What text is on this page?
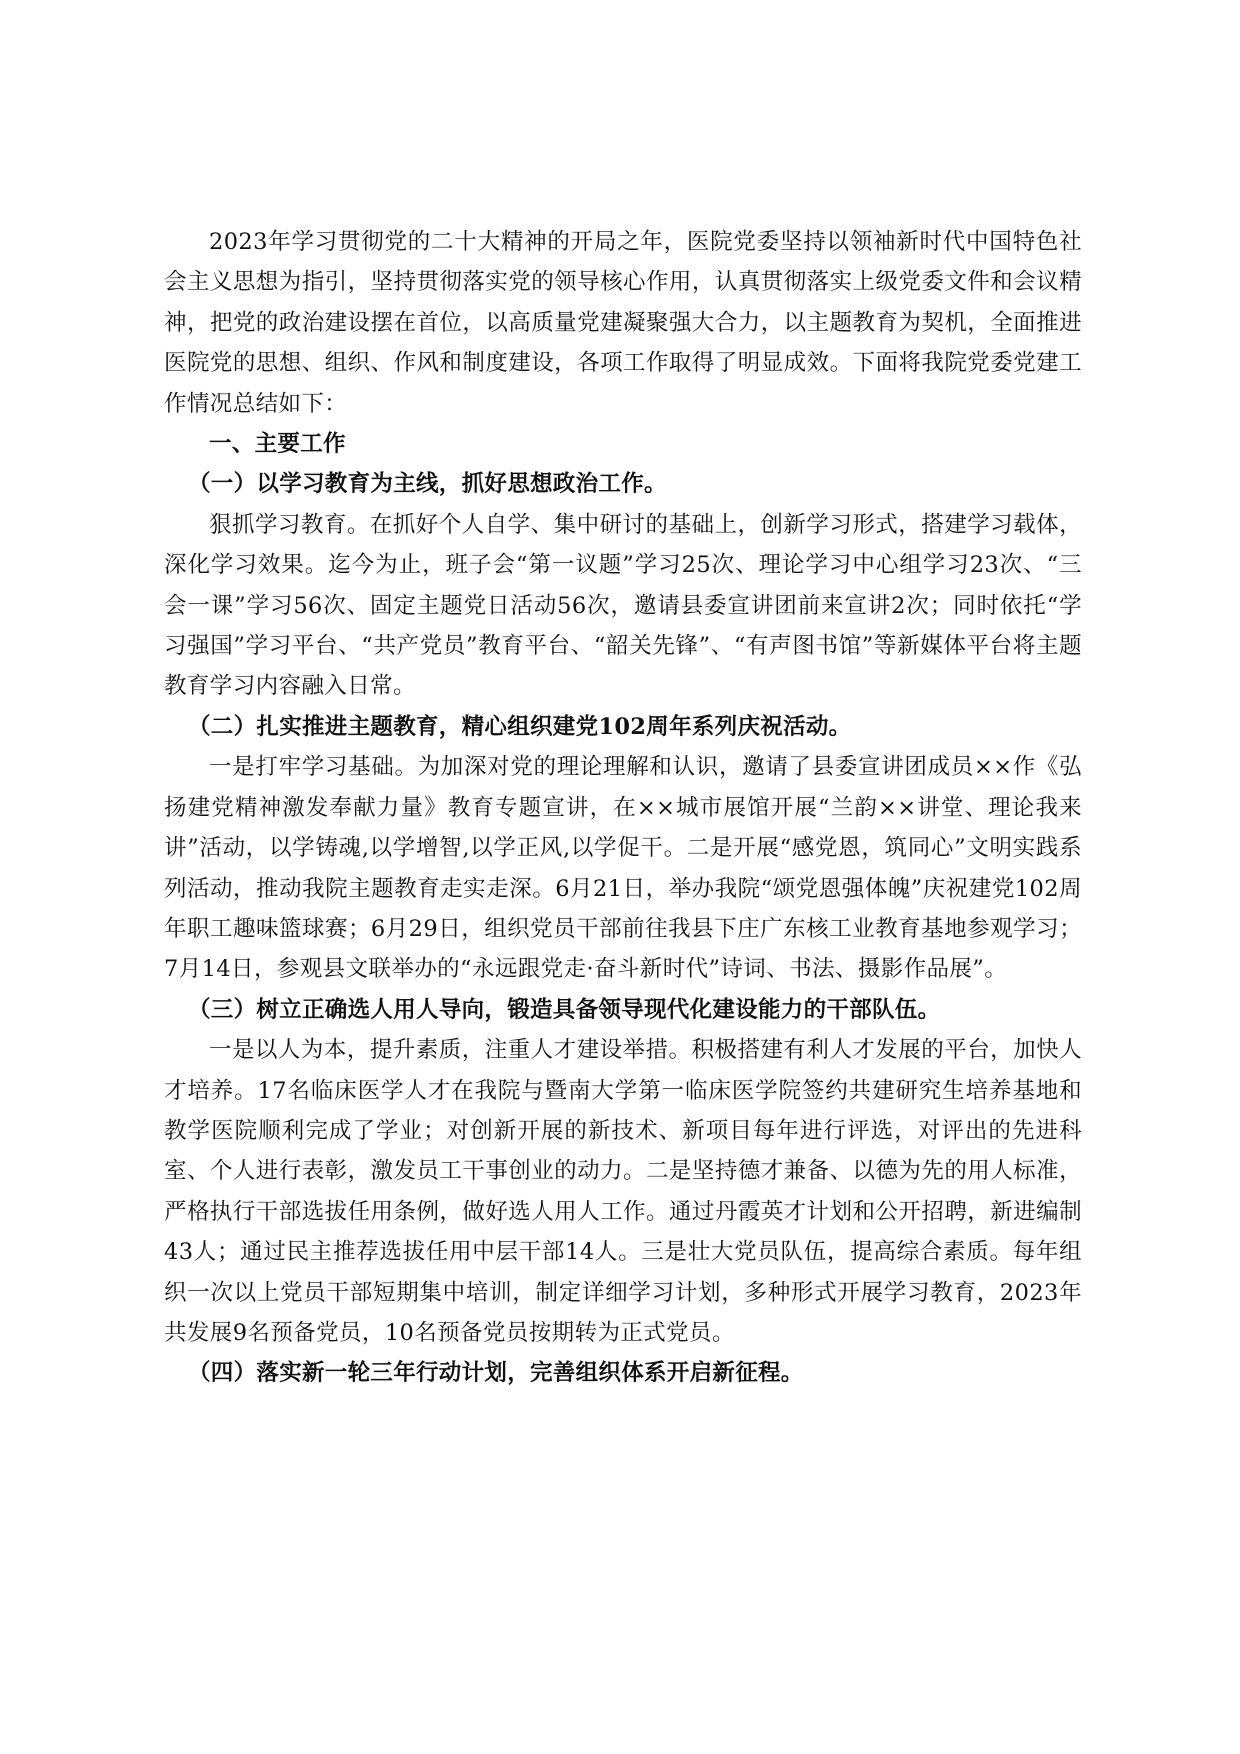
2023年学习贯彻党的二十大精神的开局之年，医院党委坚持以领袖新时代中国特色社会主义思想为指引，坚持贯彻落实党的领导核心作用，认真贯彻落实上级党委文件和会议精神，把党的政治建设摆在首位，以高质量党建凝聚强大合力，以主题教育为契机，全面推进医院党的思想、组织、作风和制度建设，各项工作取得了明显成效。下面将我院党委党建工作情况总结如下：

一、主要工作

（一）以学习教育为主线，抓好思想政治工作。

狠抓学习教育。在抓好个人自学、集中研讨的基础上，创新学习形式，搭建学习载体，深化学习效果。迄今为止，班子会“第一议题”学习25次、理论学习中心组学习23次、“三会一课”学习56次、固定主题党日活动56次，邀请县委宣讲团前来宣讲2次；同时依托“学习强国”学习平台、“共产党员”教育平台、“韶关先锋”、“有声图书馆”等新媒体平台将主题教育学习内容融入日常。

（二）扎实推进主题教育，精心组织建党102周年系列庆祝活动。

一是打牢学习基础。为加深对党的理论理解和认识，邀请了县委宣讲团成员××作《弘扬建党精神激发奉献力量》教育专题宣讲，在××城市展馆开展“兰韵××讲堂、理论我来讲”活动，以学铸魂,以学增智,以学正风,以学促干。二是开展“感党恩，筑同心”文明实践系列活动，推动我院主题教育走实走深。6月21日，举办我院“颂党恩强体魄”庆祝建党102周年职工趣味篮球赛；6月29日，组织党员干部前往我县下庄广东核工业教育基地参观学习；7月14日，参观县文联举办的“永远跟党走·奋斗新时代”诗词、书法、摄影作品展”。

（三）树立正确选人用人导向，锻造具备领导现代化建设能力的干部队伍。

一是以人为本，提升素质，注重人才建设举措。积极搭建有利人才发展的平台，加快人才培养。17名临床医学人才在我院与暨南大学第一临床医学院签约共建研究生培养基地和教学医院顺利完成了学业；对创新开展的新技术、新项目每年进行评选，对评出的先进科室、个人进行表彰，激发员工干事创业的动力。二是坚持德才兼备、以德为先的用人标准，严格执行干部选拔任用条例，做好选人用人工作。通过丹霞英才计划和公开招聘，新进编制43人；通过民主推荐选拔任用中层干部14人。三是壮大党员队伍，提高综合素质。每年组织一次以上党员干部短期集中培训，制定详细学习计划，多种形式开展学习教育，2023年共发展9名预备党员，10名预备党员按期转为正式党员。

（四）落实新一轮三年行动计划，完善组织体系开启新征程。
